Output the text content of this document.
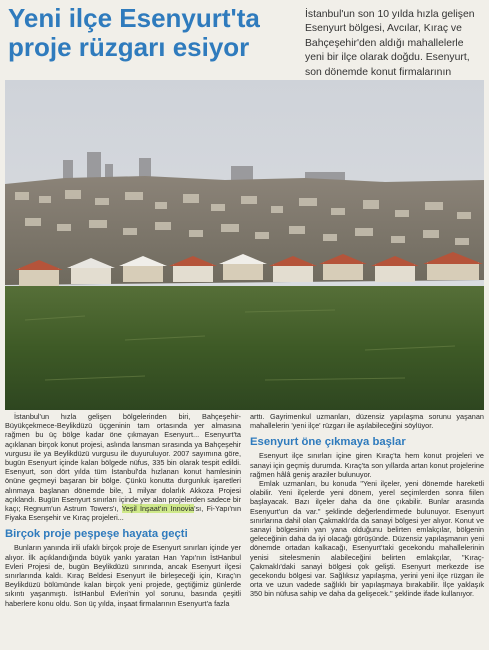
Yeni ilçe Esenyurt'ta
proje rüzgarı esiyor

İstanbul'un son 10 yılda hızla gelişen Esenyurt bölgesi, Avcılar, Kıraç ve Bahçeşehir'den aldığı mahallelerle yeni bir ilçe olarak doğdu. Esenyurt, son dönemde konut firmalarının

İstanbul'un hızla gelişen bölgelerinden biri, Bahçeşehir-Büyükçekmece-Beylikdüzü üçgeninin tam ortasında yer almasına rağmen bu üç bölge kadar öne çıkmayan Esenyurt... Esenyurt'ta açıklanan birçok konut projesi, aslında lansman sırasında ya Bahçeşehir vurgusu ile ya Beylikdüzü vurgusu ile duyuruluyor. 2007 sayımına göre, bugün Esenyurt içinde kalan bölgede nüfus, 335 bin olarak tespit edildi. Esenyurt, son dört yılda tüm İstanbul'da hızlanan konut hamlesinin önüne geçmeyi başaran bir bölge. Çünkü konutta durgunluk işaretleri alınmaya başlanan dönemde bile, 1 milyar dolarlık Akkoza Projesi açıklandı. Bugün Esenyurt sınırları içinde yer alan projelerden sadece bir kaçı; Regnum'un Astrum Towers'ı, Yeşil İnşaat'ın Innovia'sı, Fi-Yapı'nın Fiyaka Esenşehir ve Kıraç projeleri...

Birçok proje peşpeşe hayata geçti

Bunların yanında irili ufaklı birçok proje de Esenyurt sınırları içinde yer alıyor. İlk açıklandığında büyük yankı yaratan Han Yapı'nın İstHanbul Evleri Projesi de, bugün Beylikdüzü sınırında, ancak Esenyurt ilçesi sınırlarında kaldı. Kıraç Beldesi Esenyurt ile birleşeceği için, Kıraç'ın Beylikdüzü bölümünde kalan birçok yeni projede, geçtiğimiz günlerde sıkıntı yaşanmıştı. İstHanbul Evleri'nin yol sorunu, basında çeşitli haberlere konu oldu. Son üç yılda, inşaat firmalarının Esenyurt'a fazla

arttı. Gayrimenkul uzmanları, düzensiz yapılaşma sorunu yaşanan mahallelerin 'yeni ilçe' rüzgarı ile aşılabileceğini söylüyor.

Esenyurt öne çıkmaya başlar

Esenyurt ilçe sınırları içine giren Kıraç'ta hem konut projeleri ve sanayi için geçmiş durumda. Kıraç'ta son yıllarda artan konut projelerine rağmen hâlâ geniş araziler bulunuyor.

Emlak uzmanları, bu konuda "Yeni ilçeler, yeni dönemde hareketli olabilir. Yeni ilçelerde yeni dönem, yerel seçimlerden sonra fiilen başlayacak. Bazı ilçeler daha da öne çıkabilir. Bunlar arasında Esenyurt'un da var." şeklinde değerlendirmede bulunuyor. Esenyurt sınırlarına dahil olan Çakmaklı'da da sanayi bölgesi yer alıyor. Konut ve sanayi bölgesinin yan yana olduğunu belirten emlakçılar, bölgenin geleceğinin daha da iyi olacağı görüşünde. Düzensiz yapılaşmanın yeni dönemde ortadan kalkacağı, Esenyurt'taki gecekondu mahallelerinin yenisi sitelesmenin alabileceğini belirten emlakçılar, "Kıraç-Çakmaklı'daki sanayi bölgesi çok gelişti. Esenyurt merkezde ise gecekondu bölgesi var. Sağlıksız yapılaşma, yerini yeni ilçe rüzgarı ile orta ve uzun vadede sağlıklı bir yapılaşmaya bırakabilir. İlçe yaklaşık 350 bin nüfusa sahip ve daha da gelişecek." şeklinde ifade kullanıyor.
